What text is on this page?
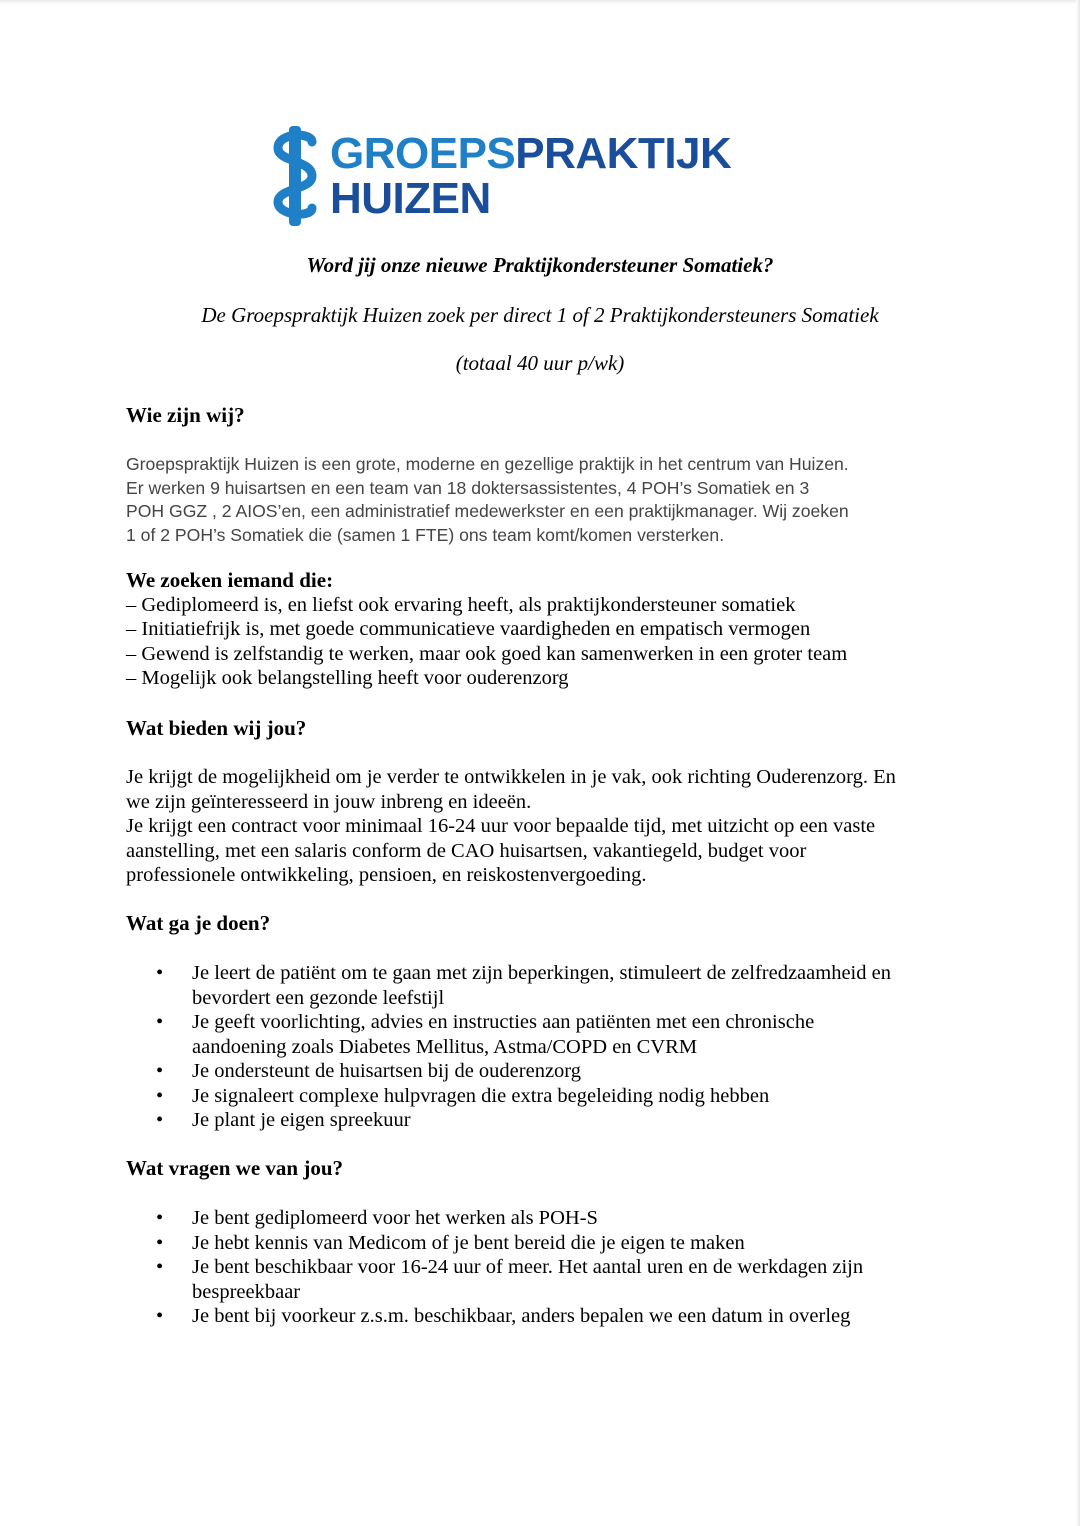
GROEPSPRAKTIJK
HUIZEN
Word jij onze nieuwe Praktijkondersteuner Somatiek?
De Groepspraktijk Huizen zoek per direct 1 of 2 Praktijkondersteuners Somatiek
(totaal 40 uur p/wk)
Wie zijn wij?
Groepspraktijk Huizen is een grote, moderne en gezellige praktijk in het centrum van Huizen.
Er werken 9 huisartsen en een team van 18 doktersassistentes, 4 POH’s Somatiek en 3
POH GGZ , 2 AIOS’en, een administratief medewerkster en een praktijkmanager. Wij zoeken
1 of 2 POH’s Somatiek die (samen 1 FTE) ons team komt/komen versterken.
We zoeken iemand die:
– Gediplomeerd is, en liefst ook ervaring heeft, als praktijkondersteuner somatiek
– Initiatiefrijk is, met goede communicatieve vaardigheden en empatisch vermogen
– Gewend is zelfstandig te werken, maar ook goed kan samenwerken in een groter team
– Mogelijk ook belangstelling heeft voor ouderenzorg
Wat bieden wij jou?
Je krijgt de mogelijkheid om je verder te ontwikkelen in je vak, ook richting Ouderenzorg. En
we zijn geïnteresseerd in jouw inbreng en ideeën.
Je krijgt een contract voor minimaal 16-24 uur voor bepaalde tijd, met uitzicht op een vaste
aanstelling, met een salaris conform de CAO huisartsen, vakantiegeld, budget voor
professionele ontwikkeling, pensioen, en reiskostenvergoeding.
Wat ga je doen?
• Je leert de patiënt om te gaan met zijn beperkingen, stimuleert de zelfredzaamheid en
bevordert een gezonde leefstijl
• Je geeft voorlichting, advies en instructies aan patiënten met een chronische
aandoening zoals Diabetes Mellitus, Astma/COPD en CVRM
• Je ondersteunt de huisartsen bij de ouderenzorg
• Je signaleert complexe hulpvragen die extra begeleiding nodig hebben
• Je plant je eigen spreekuur
Wat vragen we van jou?
• Je bent gediplomeerd voor het werken als POH-S
• Je hebt kennis van Medicom of je bent bereid die je eigen te maken
• Je bent beschikbaar voor 16-24 uur of meer. Het aantal uren en de werkdagen zijn
bespreekbaar
• Je bent bij voorkeur z.s.m. beschikbaar, anders bepalen we een datum in overleg
